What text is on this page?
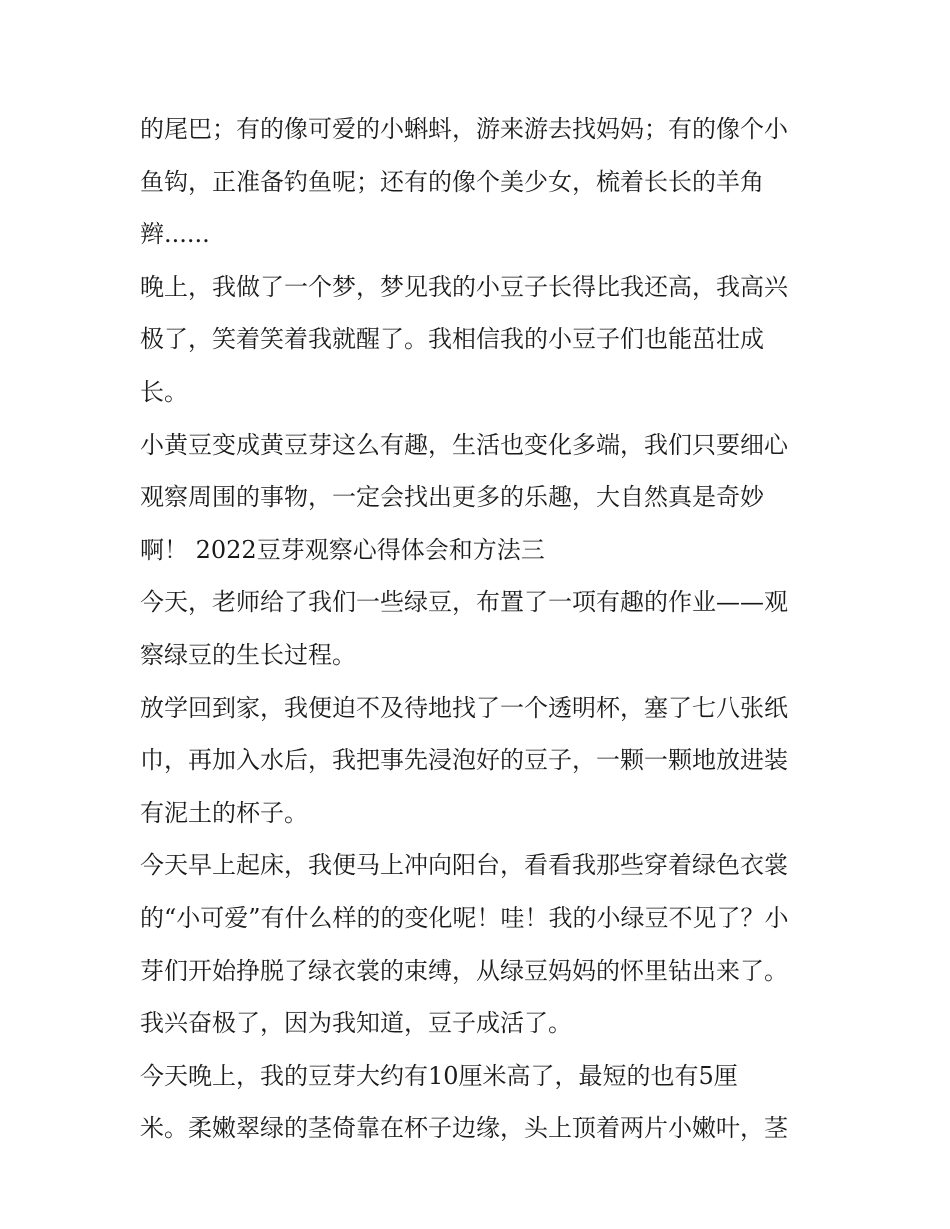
的尾巴；有的像可爱的小蝌蚪，游来游去找妈妈；有的像个小
鱼钩，正准备钓鱼呢；还有的像个美少女，梳着长长的羊角
辫......
晚上，我做了一个梦，梦见我的小豆子长得比我还高，我高兴
极了，笑着笑着我就醒了。我相信我的小豆子们也能茁壮成
长。
小黄豆变成黄豆芽这么有趣，生活也变化多端，我们只要细心
观察周围的事物，一定会找出更多的乐趣，大自然真是奇妙
啊！ 2022豆芽观察心得体会和方法三
今天，老师给了我们一些绿豆，布置了一项有趣的作业——观
察绿豆的生长过程。
放学回到家，我便迫不及待地找了一个透明杯，塞了七八张纸
巾，再加入水后，我把事先浸泡好的豆子，一颗一颗地放进装
有泥土的杯子。
今天早上起床，我便马上冲向阳台，看看我那些穿着绿色衣裳
的“小可爱”有什么样的的变化呢！哇！我的小绿豆不见了？小
芽们开始挣脱了绿衣裳的束缚，从绿豆妈妈的怀里钻出来了。
我兴奋极了，因为我知道，豆子成活了。
今天晚上，我的豆芽大约有10厘米高了，最短的也有5厘
米。柔嫩翠绿的茎倚靠在杯子边缘，头上顶着两片小嫩叶，茎
